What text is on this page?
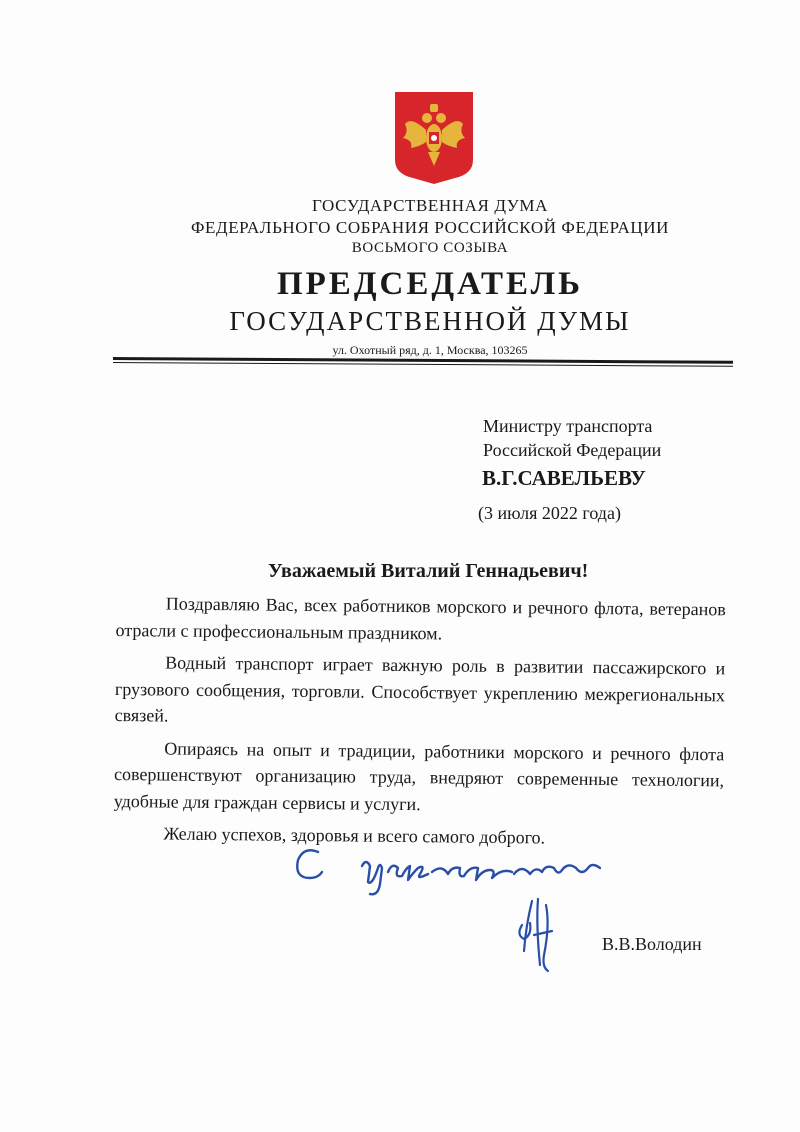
ГОСУДАРСТВЕННАЯ ДУМА
ФЕДЕРАЛЬНОГО СОБРАНИЯ РОССИЙСКОЙ ФЕДЕРАЦИИ
ВОСЬМОГО СОЗЫВА
ПРЕДСЕДАТЕЛЬ
ГОСУДАРСТВЕННОЙ ДУМЫ
ул. Охотный ряд, д. 1, Москва, 103265
Министру транспорта
Российской Федерации
В.Г.САВЕЛЬЕВУ
(3 июля 2022 года)
Уважаемый Виталий Геннадьевич!

Поздравляю Вас, всех работников морского и речного флота, ветеранов отрасли с профессиональным праздником.

Водный транспорт играет важную роль в развитии пассажирского и грузового сообщения, торговли. Способствует укреплению межрегиональных связей.

Опираясь на опыт и традиции, работники морского и речного флота совершенствуют организацию труда, внедряют современные технологии, удобные для граждан сервисы и услуги.

Желаю успехов, здоровья и всего самого доброго.

В.В.Володин
